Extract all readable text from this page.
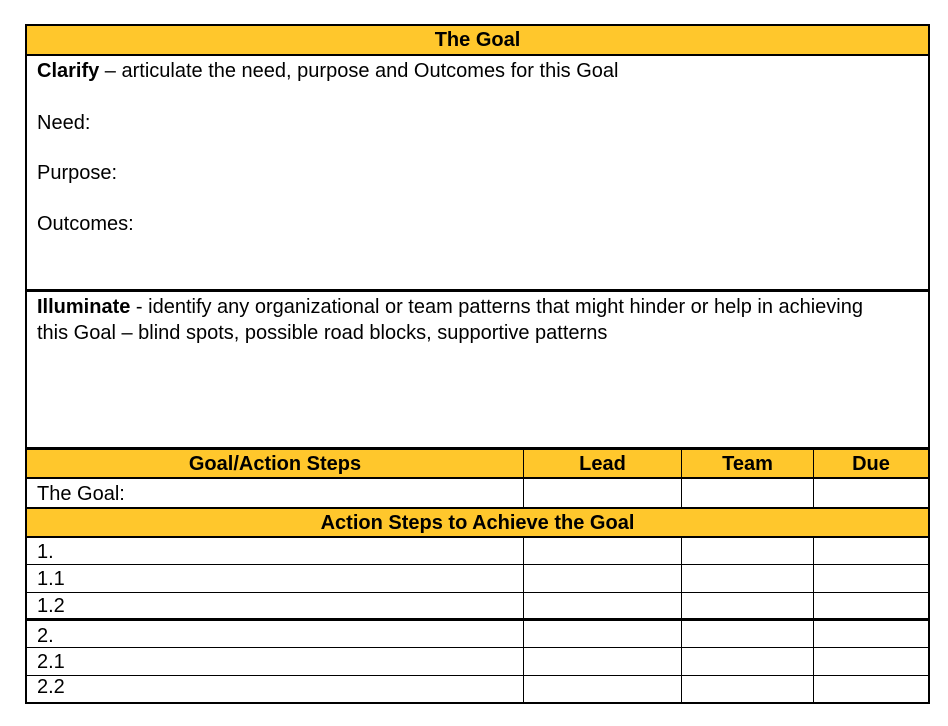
The Goal
Clarify – articulate the need, purpose and Outcomes for this Goal
Need:
Purpose:
Outcomes:
Illuminate - identify any organizational or team patterns that might hinder or help in achieving this Goal – blind spots, possible road blocks, supportive patterns
Goal/Action Steps	Lead	Team	Due
The Goal:
Action Steps to Achieve the Goal
1.
1.1
1.2
2.
2.1
2.2
